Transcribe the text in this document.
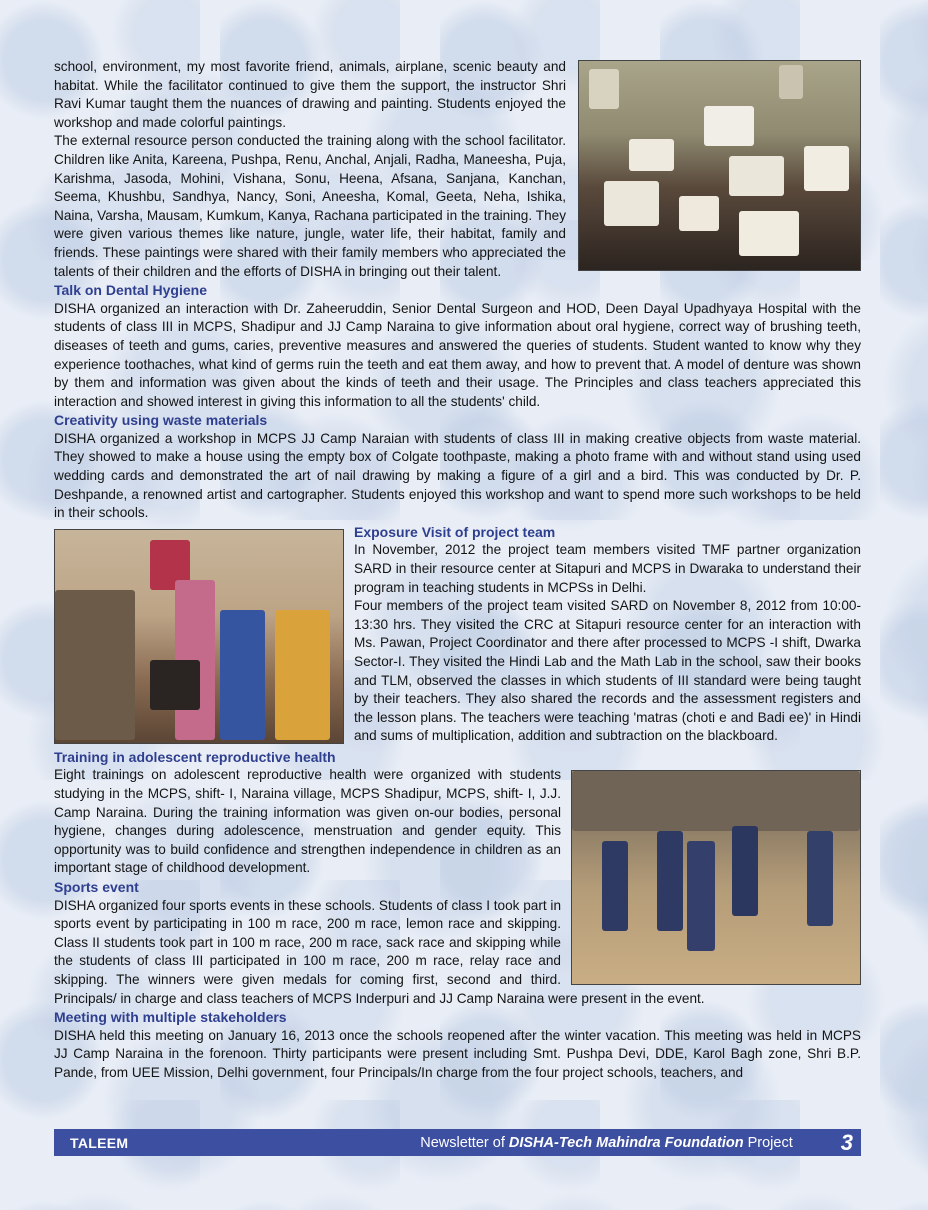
school, environment, my most favorite friend, animals, airplane, scenic beauty and habitat. While the facilitator continued to give them the support, the instructor Shri Ravi Kumar taught them the nuances of drawing and painting. Students enjoyed the workshop and made colorful paintings.

The external resource person conducted the training along with the school facilitator. Children like Anita, Kareena, Pushpa, Renu, Anchal, Anjali, Radha, Maneesha, Puja, Karishma, Jasoda, Mohini, Vishana, Sonu, Heena, Afsana, Sanjana, Kanchan, Seema, Khushbu, Sandhya, Nancy, Soni, Aneesha, Komal, Geeta, Neha, Ishika, Naina, Varsha, Mausam, Kumkum, Kanya, Rachana participated in the training. They were given various themes like nature, jungle, water life, their habitat, family and friends. These paintings were shared with their family members who appreciated the talents of their children and the efforts of DISHA in bringing out their talent.

Talk on Dental Hygiene

DISHA organized an interaction with Dr. Zaheeruddin, Senior Dental Surgeon and HOD, Deen Dayal Upadhyaya Hospital with the students of class III in MCPS, Shadipur and JJ Camp Naraina to give information about oral hygiene, correct way of brushing teeth, diseases of teeth and gums, caries, preventive measures and answered the queries of students. Student wanted to know why they experience toothaches, what kind of germs ruin the teeth and eat them away, and how to prevent that. A model of denture was shown by them and information was given about the kinds of teeth and their usage. The Principles and class teachers appreciated this interaction and showed interest in giving this information to all the students' child.

Creativity using waste materials

DISHA organized a workshop in MCPS JJ Camp Naraian with students of class III in making creative objects from waste material. They showed to make a house using the empty box of Colgate toothpaste, making a photo frame with and without stand using used wedding cards and demonstrated the art of nail drawing by making a figure of a girl and a bird. This was conducted by Dr. P. Deshpande, a renowned artist and cartographer. Students enjoyed this workshop and want to spend more such workshops to be held in their schools.

Exposure Visit of project team

In November, 2012 the project team members visited TMF partner organization SARD in their resource center at Sitapuri and MCPS in Dwaraka to understand their program in teaching students in MCPSs in Delhi.

Four members of the project team visited SARD on November 8, 2012 from 10:00-13:30 hrs. They visited the CRC at Sitapuri resource center for an interaction with Ms. Pawan, Project Coordinator and there after processed to MCPS -I shift, Dwarka Sector-I. They visited the Hindi Lab and the Math Lab in the school, saw their books and TLM, observed the classes in which students of III standard were being taught by their teachers. They also shared the records and the assessment registers and the lesson plans. The teachers were teaching 'matras (choti e and Badi ee)' in Hindi and sums of multiplication, addition and subtraction on the blackboard.

Training in adolescent reproductive health

Eight trainings on adolescent reproductive health were organized with students studying in the MCPS, shift- I, Naraina village, MCPS Shadipur, MCPS, shift- I, J.J. Camp Naraina. During the training information was given on-our bodies, personal hygiene, changes during adolescence, menstruation and gender equity. This opportunity was to build confidence and strengthen independence in children as an important stage of childhood development.

Sports event

DISHA organized four sports events in these schools. Students of class I took part in sports event by participating in 100 m race, 200 m race, lemon race and skipping. Class II students took part in 100 m race, 200 m race, sack race and skipping while the students of class III participated in 100 m race, 200 m race, relay race and skipping. The winners were given medals for coming first, second and third. Principals/ in charge and class teachers of MCPS Inderpuri and JJ Camp Naraina were present in the event.

Meeting with multiple stakeholders

DISHA held this meeting on January 16, 2013 once the schools reopened after the winter vacation. This meeting was held in MCPS JJ Camp Naraina in the forenoon. Thirty participants were present including Smt. Pushpa Devi, DDE, Karol Bagh zone, Shri B.P. Pande, from UEE Mission, Delhi government, four Principals/In charge from the four project schools, teachers, and

TALEEM	Newsletter of DISHA-Tech Mahindra Foundation Project 3
